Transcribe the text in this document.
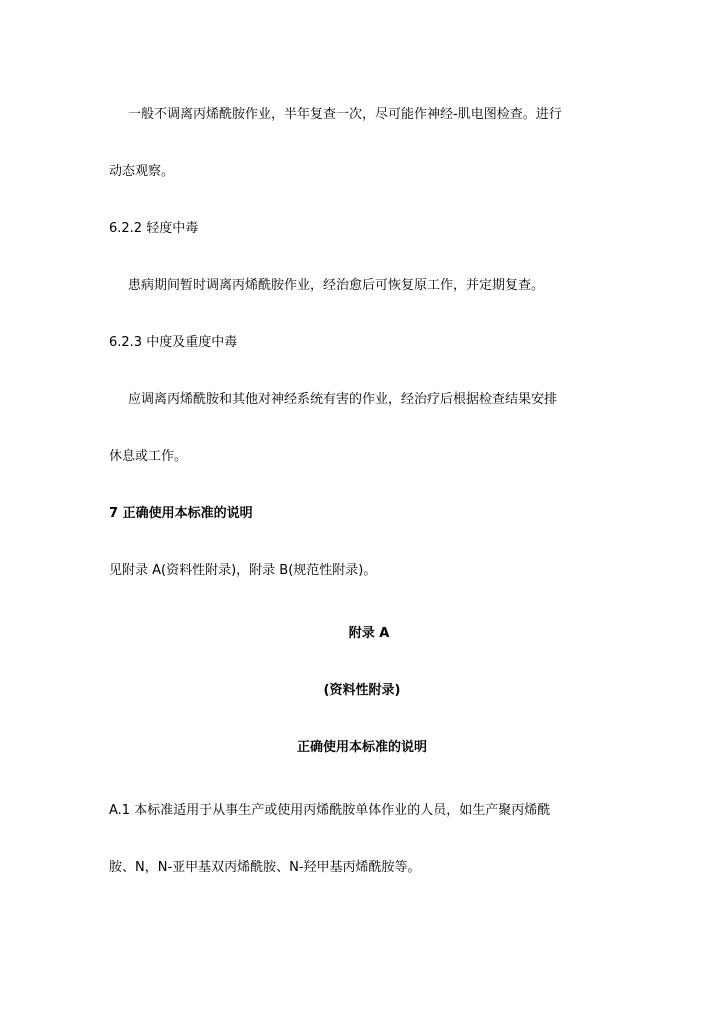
一般不调离丙烯酰胺作业，半年复查一次，尽可能作神经-肌电图检查。进行
动态观察。
6.2.2 轻度中毒
患病期间暂时调离丙烯酰胺作业，经治愈后可恢复原工作，并定期复查。
6.2.3 中度及重度中毒
应调离丙烯酰胺和其他对神经系统有害的作业，经治疗后根据检查结果安排
休息或工作。
7 正确使用本标准的说明
见附录 A(资料性附录)，附录 B(规范性附录)。
附录 A
(资料性附录)
正确使用本标准的说明
A.1 本标准适用于从事生产或使用丙烯酰胺单体作业的人员，如生产聚丙烯酰
胺、N，N-亚甲基双丙烯酰胺、N-羟甲基丙烯酰胺等。
